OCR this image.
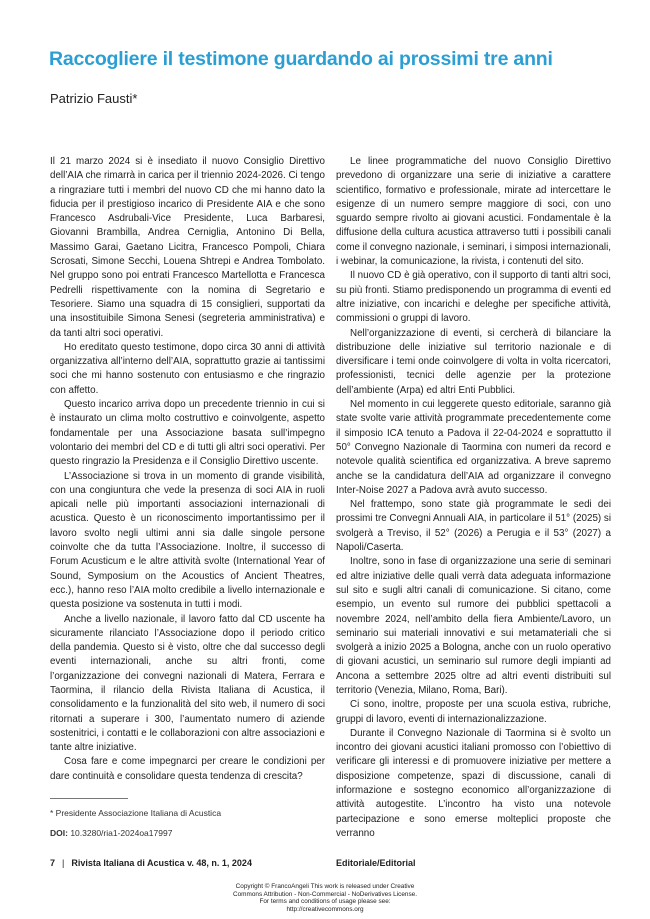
Raccogliere il testimone guardando ai prossimi tre anni
Patrizio Fausti*

Il 21 marzo 2024 si è insediato il nuovo Consiglio Direttivo dell’AIA che rimarrà in carica per il triennio 2024-2026. Ci tengo a ringraziare tutti i membri del nuovo CD che mi hanno dato la fiducia per il prestigioso incarico di Presidente AIA e che sono Francesco Asdrubali-Vice Presidente, Luca Barbaresi, Giovanni Brambilla, Andrea Cerniglia, Antonino Di Bella, Massimo Garai, Gaetano Licitra, Francesco Pompoli, Chiara Scrosati, Simone Secchi, Louena Shtrepi e Andrea Tombolato. Nel gruppo sono poi entrati Francesco Martellotta e Francesca Pedrelli rispettivamente con la nomina di Segretario e Tesoriere. Siamo una squadra di 15 consiglieri, supportati da una insostituibile Simona Senesi (segreteria amministrativa) e da tanti altri soci operativi.

Ho ereditato questo testimone, dopo circa 30 anni di attività organizzativa all’interno dell’AIA, soprattutto grazie ai tantissimi soci che mi hanno sostenuto con entusiasmo e che ringrazio con affetto.

Questo incarico arriva dopo un precedente triennio in cui si è instaurato un clima molto costruttivo e coinvolgente, aspetto fondamentale per una Associazione basata sull’impegno volontario dei membri del CD e di tutti gli altri soci operativi. Per questo ringrazio la Presidenza e il Consiglio Direttivo uscente.

L’Associazione si trova in un momento di grande visibilità, con una congiuntura che vede la presenza di soci AIA in ruoli apicali nelle più importanti associazioni internazionali di acustica. Questo è un riconoscimento importantissimo per il lavoro svolto negli ultimi anni sia dalle singole persone coinvolte che da tutta l’Associazione. Inoltre, il successo di Forum Acusticum e le altre attività svolte (International Year of Sound, Symposium on the Acoustics of Ancient Theatres, ecc.), hanno reso l’AIA molto credibile a livello internazionale e questa posizione va sostenuta in tutti i modi.

Anche a livello nazionale, il lavoro fatto dal CD uscente ha sicuramente rilanciato l’Associazione dopo il periodo critico della pandemia. Questo si è visto, oltre che dal successo degli eventi internazionali, anche su altri fronti, come l’organizzazione dei convegni nazionali di Matera, Ferrara e Taormina, il rilancio della Rivista Italiana di Acustica, il consolidamento e la funzionalità del sito web, il numero di soci ritornati a superare i 300, l’aumentato numero di aziende sostenitrici, i contatti e le collaborazioni con altre associazioni e tante altre iniziative.

Cosa fare e come impegnarci per creare le condizioni per dare continuità e consolidare questa tendenza di crescita?

Le linee programmatiche del nuovo Consiglio Direttivo prevedono di organizzare una serie di iniziative a carattere scientifico, formativo e professionale, mirate ad intercettare le esigenze di un numero sempre maggiore di soci, con uno sguardo sempre rivolto ai giovani acustici. Fondamentale è la diffusione della cultura acustica attraverso tutti i possibili canali come il convegno nazionale, i seminari, i simposi internazionali, i webinar, la comunicazione, la rivista, i contenuti del sito.

Il nuovo CD è già operativo, con il supporto di tanti altri soci, su più fronti. Stiamo predisponendo un programma di eventi ed altre iniziative, con incarichi e deleghe per specifiche attività, commissioni o gruppi di lavoro.

Nell’organizzazione di eventi, si cercherà di bilanciare la distribuzione delle iniziative sul territorio nazionale e di diversificare i temi onde coinvolgere di volta in volta ricercatori, professionisti, tecnici delle agenzie per la protezione dell’ambiente (Arpa) ed altri Enti Pubblici.

Nel momento in cui leggerete questo editoriale, saranno già state svolte varie attività programmate precedentemente come il simposio ICA tenuto a Padova il 22-04-2024 e soprattutto il 50° Convegno Nazionale di Taormina con numeri da record e notevole qualità scientifica ed organizzativa. A breve sapremo anche se la candidatura dell’AIA ad organizzare il convegno Inter-Noise 2027 a Padova avrà avuto successo.

Nel frattempo, sono state già programmate le sedi dei prossimi tre Convegni Annuali AIA, in particolare il 51° (2025) si svolgerà a Treviso, il 52° (2026) a Perugia e il 53° (2027) a Napoli/Caserta.

Inoltre, sono in fase di organizzazione una serie di seminari ed altre iniziative delle quali verrà data adeguata informazione sul sito e sugli altri canali di comunicazione. Si citano, come esempio, un evento sul rumore dei pubblici spettacoli a novembre 2024, nell’ambito della fiera Ambiente/Lavoro, un seminario sui materiali innovativi e sui metamateriali che si svolgerà a inizio 2025 a Bologna, anche con un ruolo operativo di giovani acustici, un seminario sul rumore degli impianti ad Ancona a settembre 2025 oltre ad altri eventi distribuiti sul territorio (Venezia, Milano, Roma, Bari).

Ci sono, inoltre, proposte per una scuola estiva, rubriche, gruppi di lavoro, eventi di internazionalizzazione.

Durante il Convegno Nazionale di Taormina si è svolto un incontro dei giovani acustici italiani promosso con l’obiettivo di verificare gli interessi e di promuovere iniziative per mettere a disposizione competenze, spazi di discussione, canali di informazione e sostegno economico all’organizzazione di attività autogestite. L’incontro ha visto una notevole partecipazione e sono emerse molteplici proposte che verranno

* Presidente Associazione Italiana di Acustica
DOI: 10.3280/ria1-2024oa17997
7 | Rivista Italiana di Acustica v. 48, n. 1, 2024	Editoriale/Editorial
Copyright © FrancoAngeli This work is released under Creative
Commons Attribution - Non-Commercial - NoDerivatives License.
For terms and conditions of usage please see:
http://creativecommons.org
